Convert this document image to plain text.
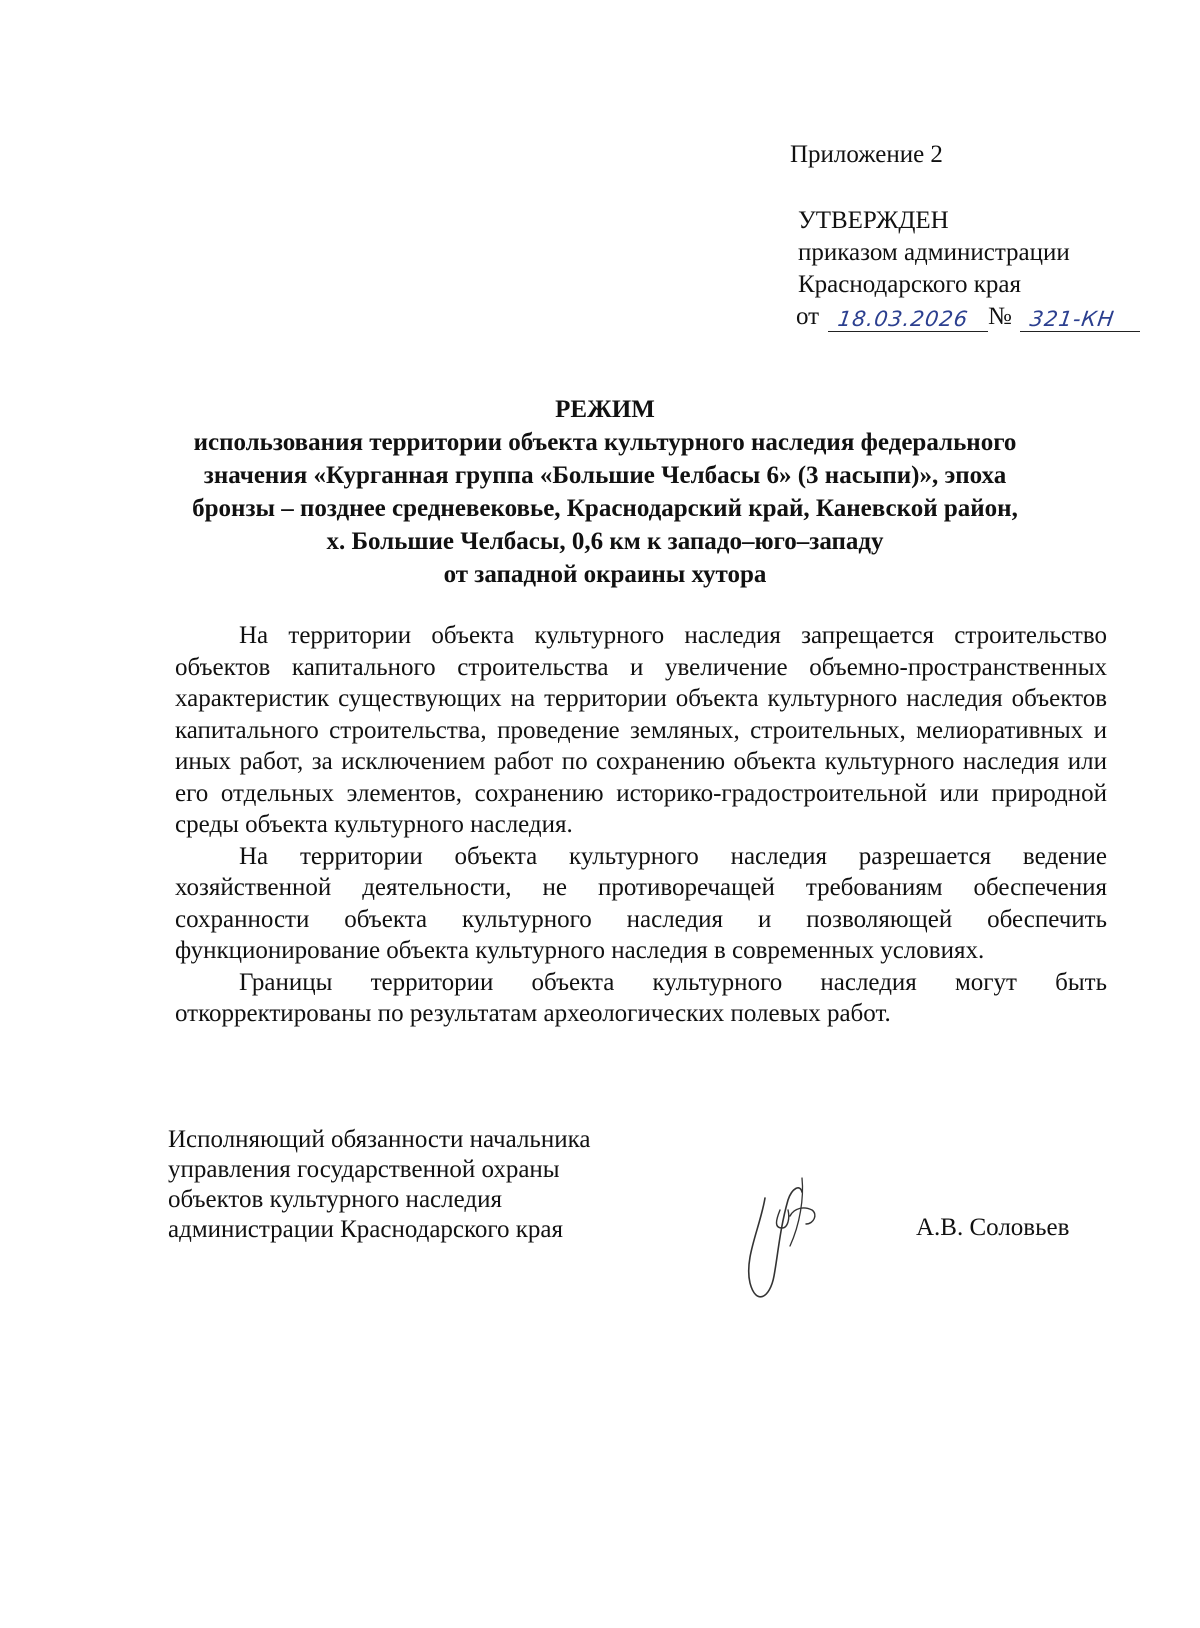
Приложение 2
УТВЕРЖДЕН
приказом администрации
Краснодарского края
от 18.03.2026 № 321-КН
РЕЖИМ
использования территории объекта культурного наследия федерального
значения «Курганная группа «Большие Челбасы 6» (3 насыпи)», эпоха
бронзы – позднее средневековье, Краснодарский край, Каневской район,
х. Большие Челбасы, 0,6 км к западо–юго–западу
от западной окраины хутора

На территории объекта культурного наследия запрещается строительство объектов капитального строительства и увеличение объемно-пространственных характеристик существующих на территории объекта культурного наследия объектов капитального строительства, проведение земляных, строительных, мелиоративных и иных работ, за исключением работ по сохранению объекта культурного наследия или его отдельных элементов, сохранению историко-градостроительной или природной среды объекта культурного наследия.

На территории объекта культурного наследия разрешается ведение хозяйственной деятельности, не противоречащей требованиям обеспечения сохранности объекта культурного наследия и позволяющей обеспечить функционирование объекта культурного наследия в современных условиях.

Границы территории объекта культурного наследия могут быть откорректированы по результатам археологических полевых работ.

Исполняющий обязанности начальника
управления государственной охраны
объектов культурного наследия
администрации Краснодарского края	А.В. Соловьев
